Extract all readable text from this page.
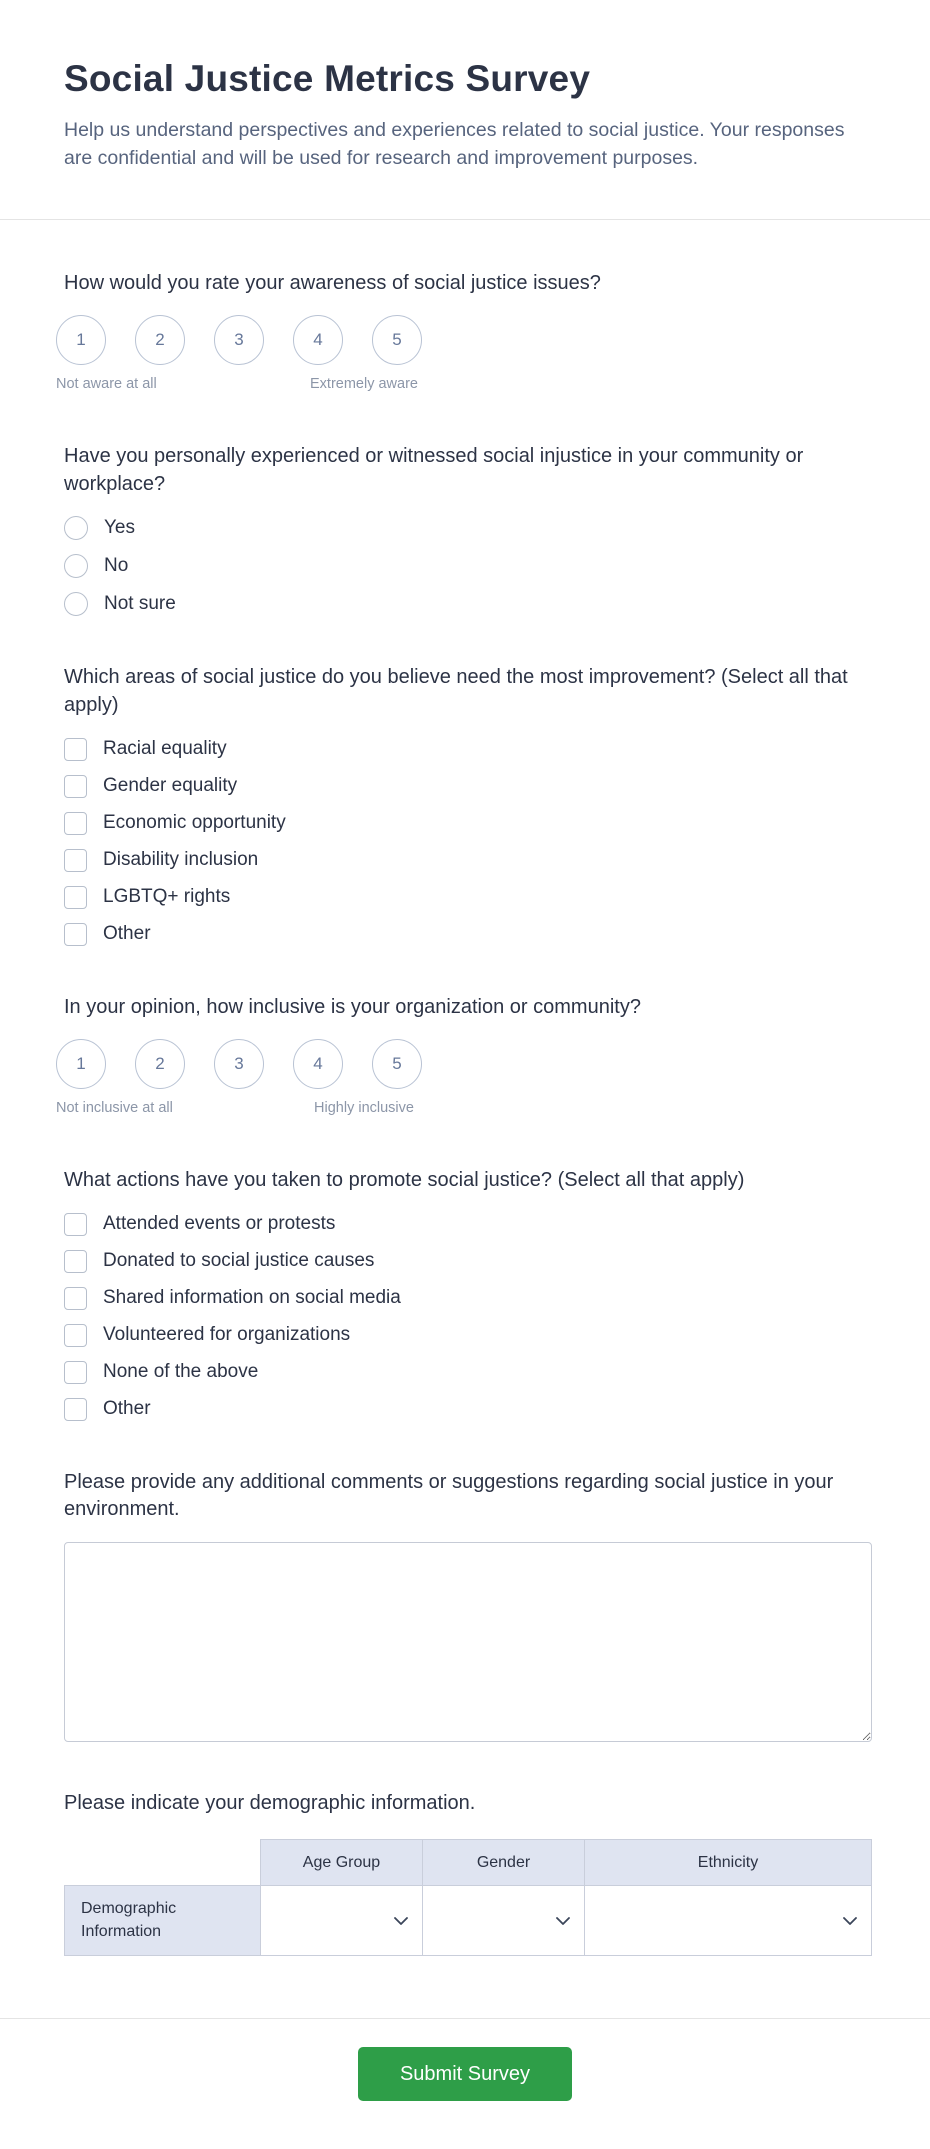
Social Justice Metrics Survey

Help us understand perspectives and experiences related to social justice. Your responses are confidential and will be used for research and improvement purposes.

How would you rate your awareness of social justice issues?
1	2	3	4	5
Not aware at all	Extremely aware
Have you personally experienced or witnessed social injustice in your community or workplace?
Yes
No
Not sure
Which areas of social justice do you believe need the most improvement? (Select all that apply)
Racial equality
Gender equality
Economic opportunity
Disability inclusion
LGBTQ+ rights
Other
In your opinion, how inclusive is your organization or community?
1	2	3	4	5
Not inclusive at all	Highly inclusive
What actions have you taken to promote social justice? (Select all that apply)
Attended events or protests
Donated to social justice causes
Shared information on social media
Volunteered for organizations
None of the above
Other
Please provide any additional comments or suggestions regarding social justice in your environment.
Please indicate your demographic information.
	Age Group	Gender	Ethnicity
Demographic Information	

Submit Survey
